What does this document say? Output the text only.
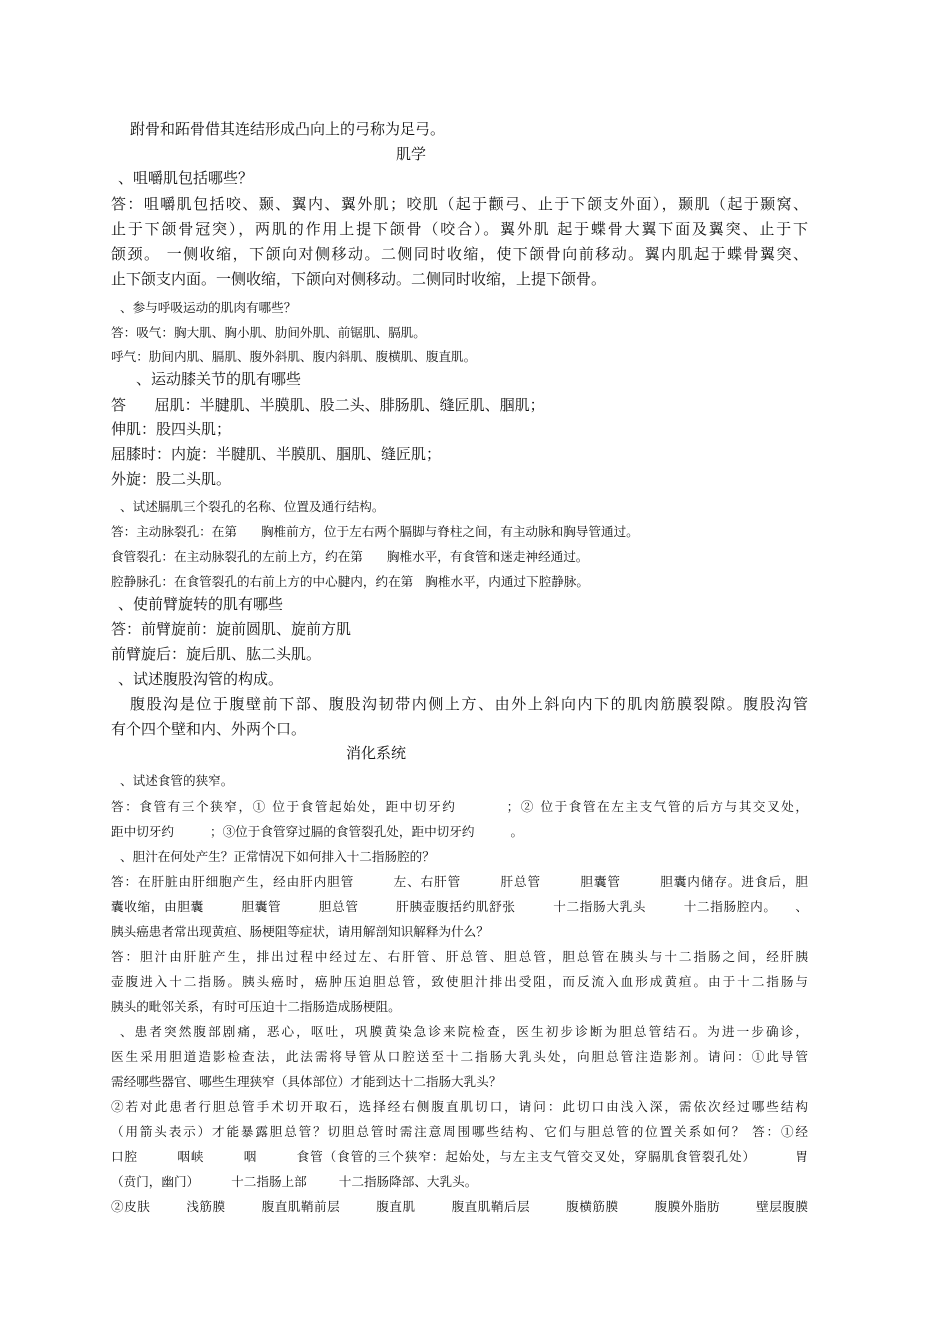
跗骨和跖骨借其连结形成凸向上的弓称为足弓。
肌学
、咀嚼肌包括哪些？
答：咀嚼肌包括咬、颞、翼内、翼外肌；咬肌（起于颧弓、止于下颌支外面），颞肌（起于颞窝、
止于下颌骨冠突），两肌的作用上提下颌骨（咬合）。翼外肌 起于蝶骨大翼下面及翼突、止于下
颌颈。 一侧收缩，下颌向对侧移动。二侧同时收缩，使下颌骨向前移动。翼内肌起于蝶骨翼突、
止下颌支内面。一侧收缩，下颌向对侧移动。二侧同时收缩，上提下颌骨。
、参与呼吸运动的肌肉有哪些？
答：吸气：胸大肌、胸小肌、肋间外肌、前锯肌、膈肌。
呼气：肋间内肌、膈肌、腹外斜肌、腹内斜肌、腹横肌、腹直肌。
、运动膝关节的肌有哪些
答      屈肌：半腱肌、半膜肌、股二头、腓肠肌、缝匠肌、腘肌；
伸肌：股四头肌；
屈膝时：内旋：半腱肌、半膜肌、腘肌、缝匠肌；
外旋：股二头肌。
、试述膈肌三个裂孔的名称、位置及通行结构。
答：主动脉裂孔：在第      胸椎前方，位于左右两个膈脚与脊柱之间，有主动脉和胸导管通过。
食管裂孔：在主动脉裂孔的左前上方，约在第      胸椎水平，有食管和迷走神经通过。
腔静脉孔：在食管裂孔的右前上方的中心腱内，约在第   胸椎水平，内通过下腔静脉。
、使前臂旋转的肌有哪些
答：前臂旋前：旋前圆肌、旋前方肌
前臂旋后：旋后肌、肱二头肌。
、试述腹股沟管的构成。
腹股沟是位于腹壁前下部、腹股沟韧带内侧上方、由外上斜向内下的肌肉筋膜裂隙。腹股沟管
有个四个壁和内、外两个口。
消化系统
、试述食管的狭窄。
答：食管有三个狭窄，① 位于食管起始处，距中切牙约         ；② 位于食管在左主支气管的后方与其交叉处，
距中切牙约         ；③位于食管穿过膈的食管裂孔处，距中切牙约         。
、胆汁在何处产生？正常情况下如何排入十二指肠腔的？
答：在肝脏由肝细胞产生，经由肝内胆管        左、右肝管        肝总管        胆囊管        胆囊内储存。进食后，胆
囊收缩，由胆囊        胆囊管        胆总管        肝胰壶腹括约肌舒张        十二指肠大乳头        十二指肠腔内。    、
胰头癌患者常出现黄疸、肠梗阻等症状，请用解剖知识解释为什么？
答：胆汁由肝脏产生，排出过程中经过左、右肝管、肝总管、胆总管，胆总管在胰头与十二指肠之间，经肝胰
壶腹进入十二指肠。胰头癌时，癌肿压迫胆总管，致使胆汁排出受阻，而反流入血形成黄疸。由于十二指肠与
胰头的毗邻关系，有时可压迫十二指肠造成肠梗阻。
、患者突然腹部剧痛，恶心，呕吐，巩膜黄染急诊来院检查，医生初步诊断为胆总管结石。为进一步确诊，
医生采用胆道造影检查法，此法需将导管从口腔送至十二指肠大乳头处，向胆总管注造影剂。请问：①此导管
需经哪些器官、哪些生理狭窄（具体部位）才能到达十二指肠大乳头？
②若对此患者行胆总管手术切开取石，选择经右侧腹直肌切口，请问：此切口由浅入深，需依次经过哪些结构
（用箭头表示）才能暴露胆总管？切胆总管时需注意周围哪些结构、它们与胆总管的位置关系如何？ 答：①经
口腔        咽峡        咽        食管（食管的三个狭窄：起始处，与左主支气管交叉处，穿膈肌食管裂孔处）        胃
（贲门，幽门）        十二指肠上部        十二指肠降部、大乳头。
②皮肤        浅筋膜        腹直肌鞘前层        腹直肌        腹直肌鞘后层        腹横筋膜        腹膜外脂肪        壁层腹膜
